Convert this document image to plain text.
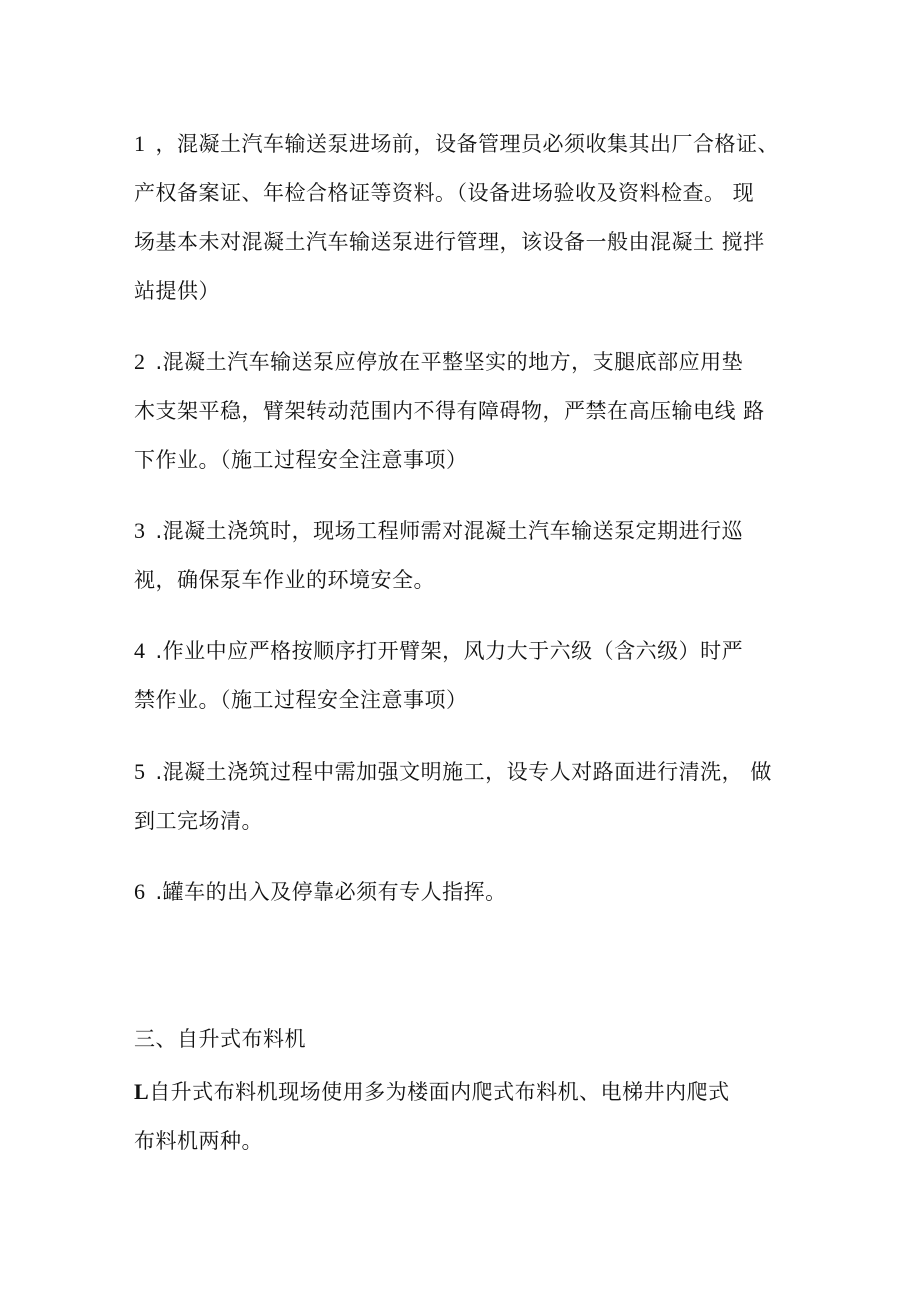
1 ，混凝土汽车输送泵进场前，设备管理员必须收集其出厂合格证、
产权备案证、年检合格证等资料。（设备进场验收及资料检查。 现
场基本未对混凝土汽车输送泵进行管理，该设备一般由混凝土 搅拌
站提供）
2 .混凝土汽车输送泵应停放在平整坚实的地方，支腿底部应用垫
木支架平稳，臂架转动范围内不得有障碍物，严禁在高压输电线 路
下作业。（施工过程安全注意事项）
3 .混凝土浇筑时，现场工程师需对混凝土汽车输送泵定期进行巡
视，确保泵车作业的环境安全。
4 .作业中应严格按顺序打开臂架，风力大于六级（含六级）时严
禁作业。（施工过程安全注意事项）
5 .混凝土浇筑过程中需加强文明施工，设专人对路面进行清洗， 做
到工完场清。
6 .罐车的出入及停靠必须有专人指挥。
三、自升式布料机
L自升式布料机现场使用多为楼面内爬式布料机、电梯井内爬式
布料机两种。
